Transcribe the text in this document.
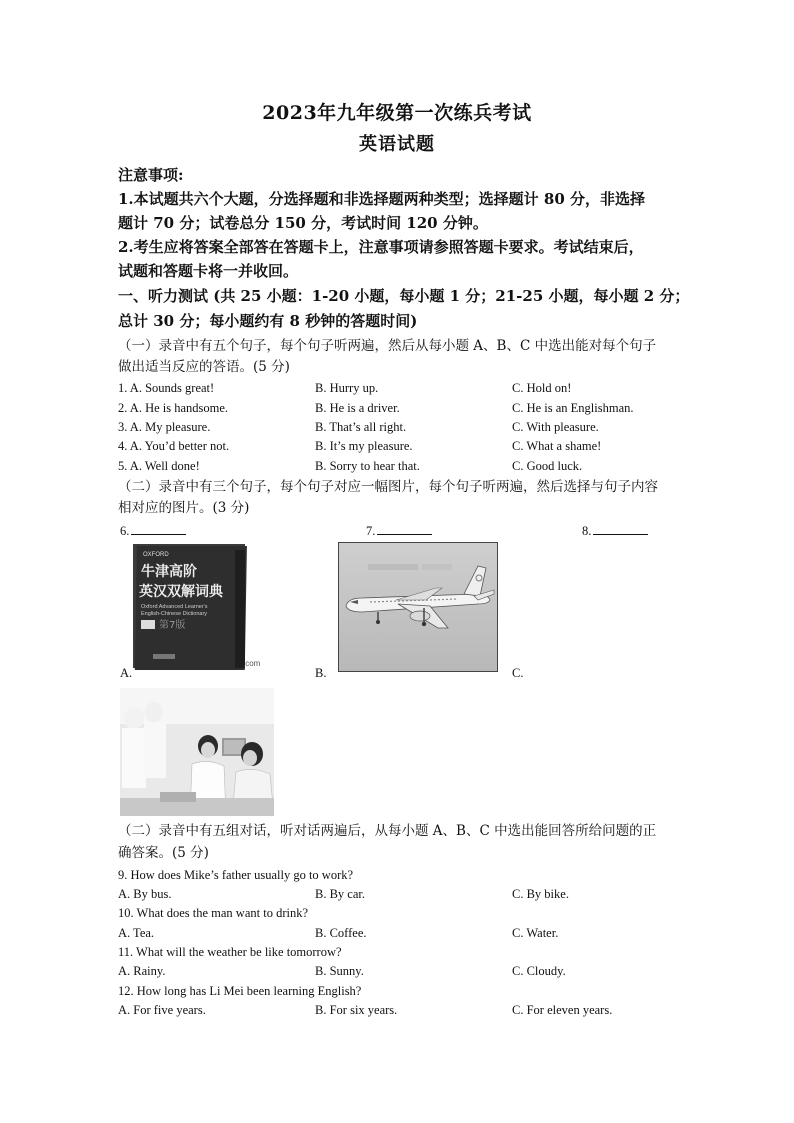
2023年九年级第一次练兵考试
英语试题
注意事项:
1.本试题共六个大题，分选择题和非选择题两种类型；选择题计 80 分，非选择
题计 70 分；试卷总分 150 分，考试时间 120 分钟。
2.考生应将答案全部答在答题卡上，注意事项请参照答题卡要求。考试结束后，
试题和答题卡将一并收回。
一、听力测试 (共 25 小题：1-20 小题，每小题 1 分；21-25 小题，每小题 2 分；
总计 30 分；每小题约有 8 秒钟的答题时间)
（一）录音中有五个句子，每个句子听两遍，然后从每小题 A、B、C 中选出能对每个句子
做出适当反应的答语。(5 分)
1. A. Sounds great!	B. Hurry up.	C. Hold on!
2. A. He is handsome.	B. He is a driver.	C. He is an Englishman.
3. A. My pleasure.	B. That’s all right.	C. With pleasure.
4. A. You’d better not.	B. It’s my pleasure.	C. What a shame!
5. A. Well done!	B. Sorry to hear that.	C. Good luck.
（二）录音中有三个句子，每个句子对应一幅图片，每个句子听两遍，然后选择与句子内容
相对应的图片。(3 分)
6.	7.	8.
OXFORD
牛津高阶
英汉双解词典
Oxford Advanced Learner's
English-Chinese Dictionary
第7版
.com
A.	B.	C.
（二）录音中有五组对话，听对话两遍后，从每小题 A、B、C 中选出能回答所给问题的正
确答案。(5 分)
9. How does Mike’s father usually go to work?
A. By bus.	B. By car.	C. By bike.
10. What does the man want to drink?
A. Tea.	B. Coffee.	C. Water.
11. What will the weather be like tomorrow?
A. Rainy.	B. Sunny.	C. Cloudy.
12. How long has Li Mei been learning English?
A. For five years.	B. For six years.	C. For eleven years.
